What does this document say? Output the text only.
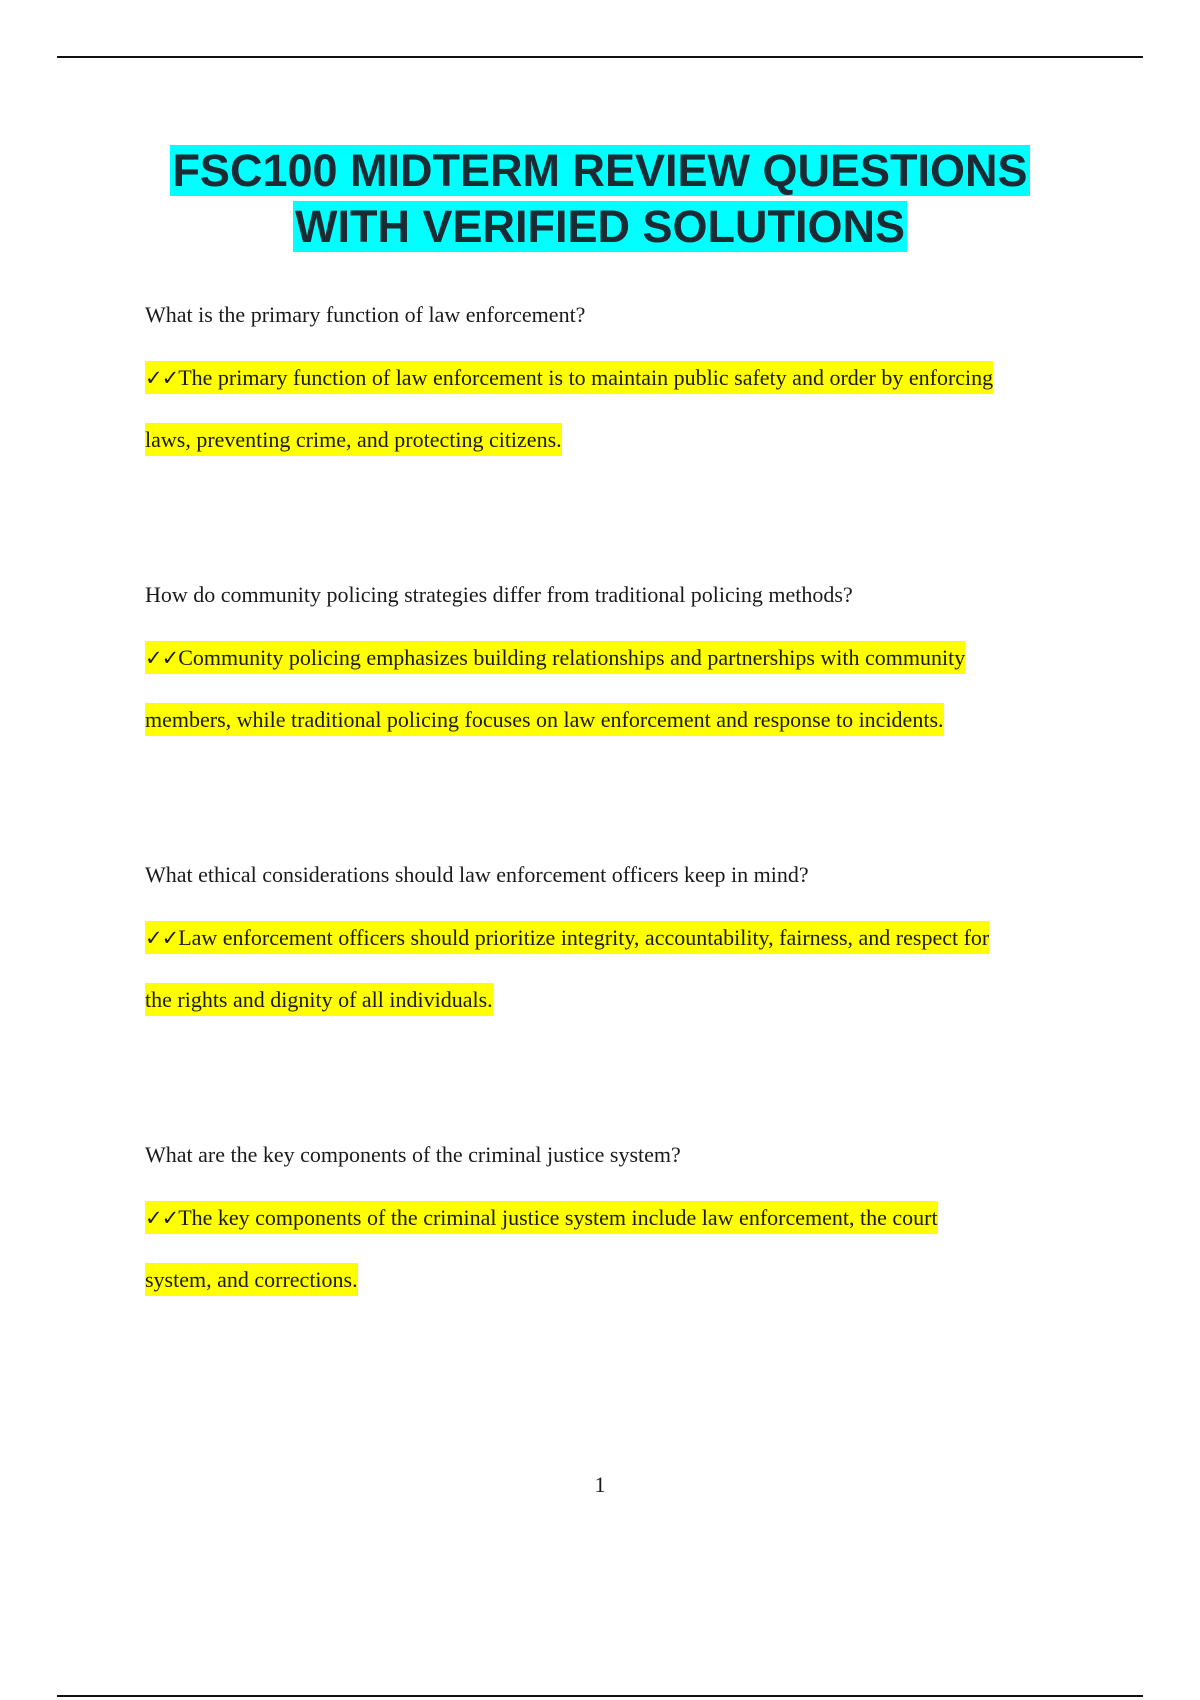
FSC100 MIDTERM REVIEW QUESTIONS
WITH VERIFIED SOLUTIONS

What is the primary function of law enforcement?

✓✓The primary function of law enforcement is to maintain public safety and order by enforcing
laws, preventing crime, and protecting citizens.

How do community policing strategies differ from traditional policing methods?

✓✓Community policing emphasizes building relationships and partnerships with community
members, while traditional policing focuses on law enforcement and response to incidents.

What ethical considerations should law enforcement officers keep in mind?

✓✓Law enforcement officers should prioritize integrity, accountability, fairness, and respect for
the rights and dignity of all individuals.

What are the key components of the criminal justice system?

✓✓The key components of the criminal justice system include law enforcement, the court
system, and corrections.

1
